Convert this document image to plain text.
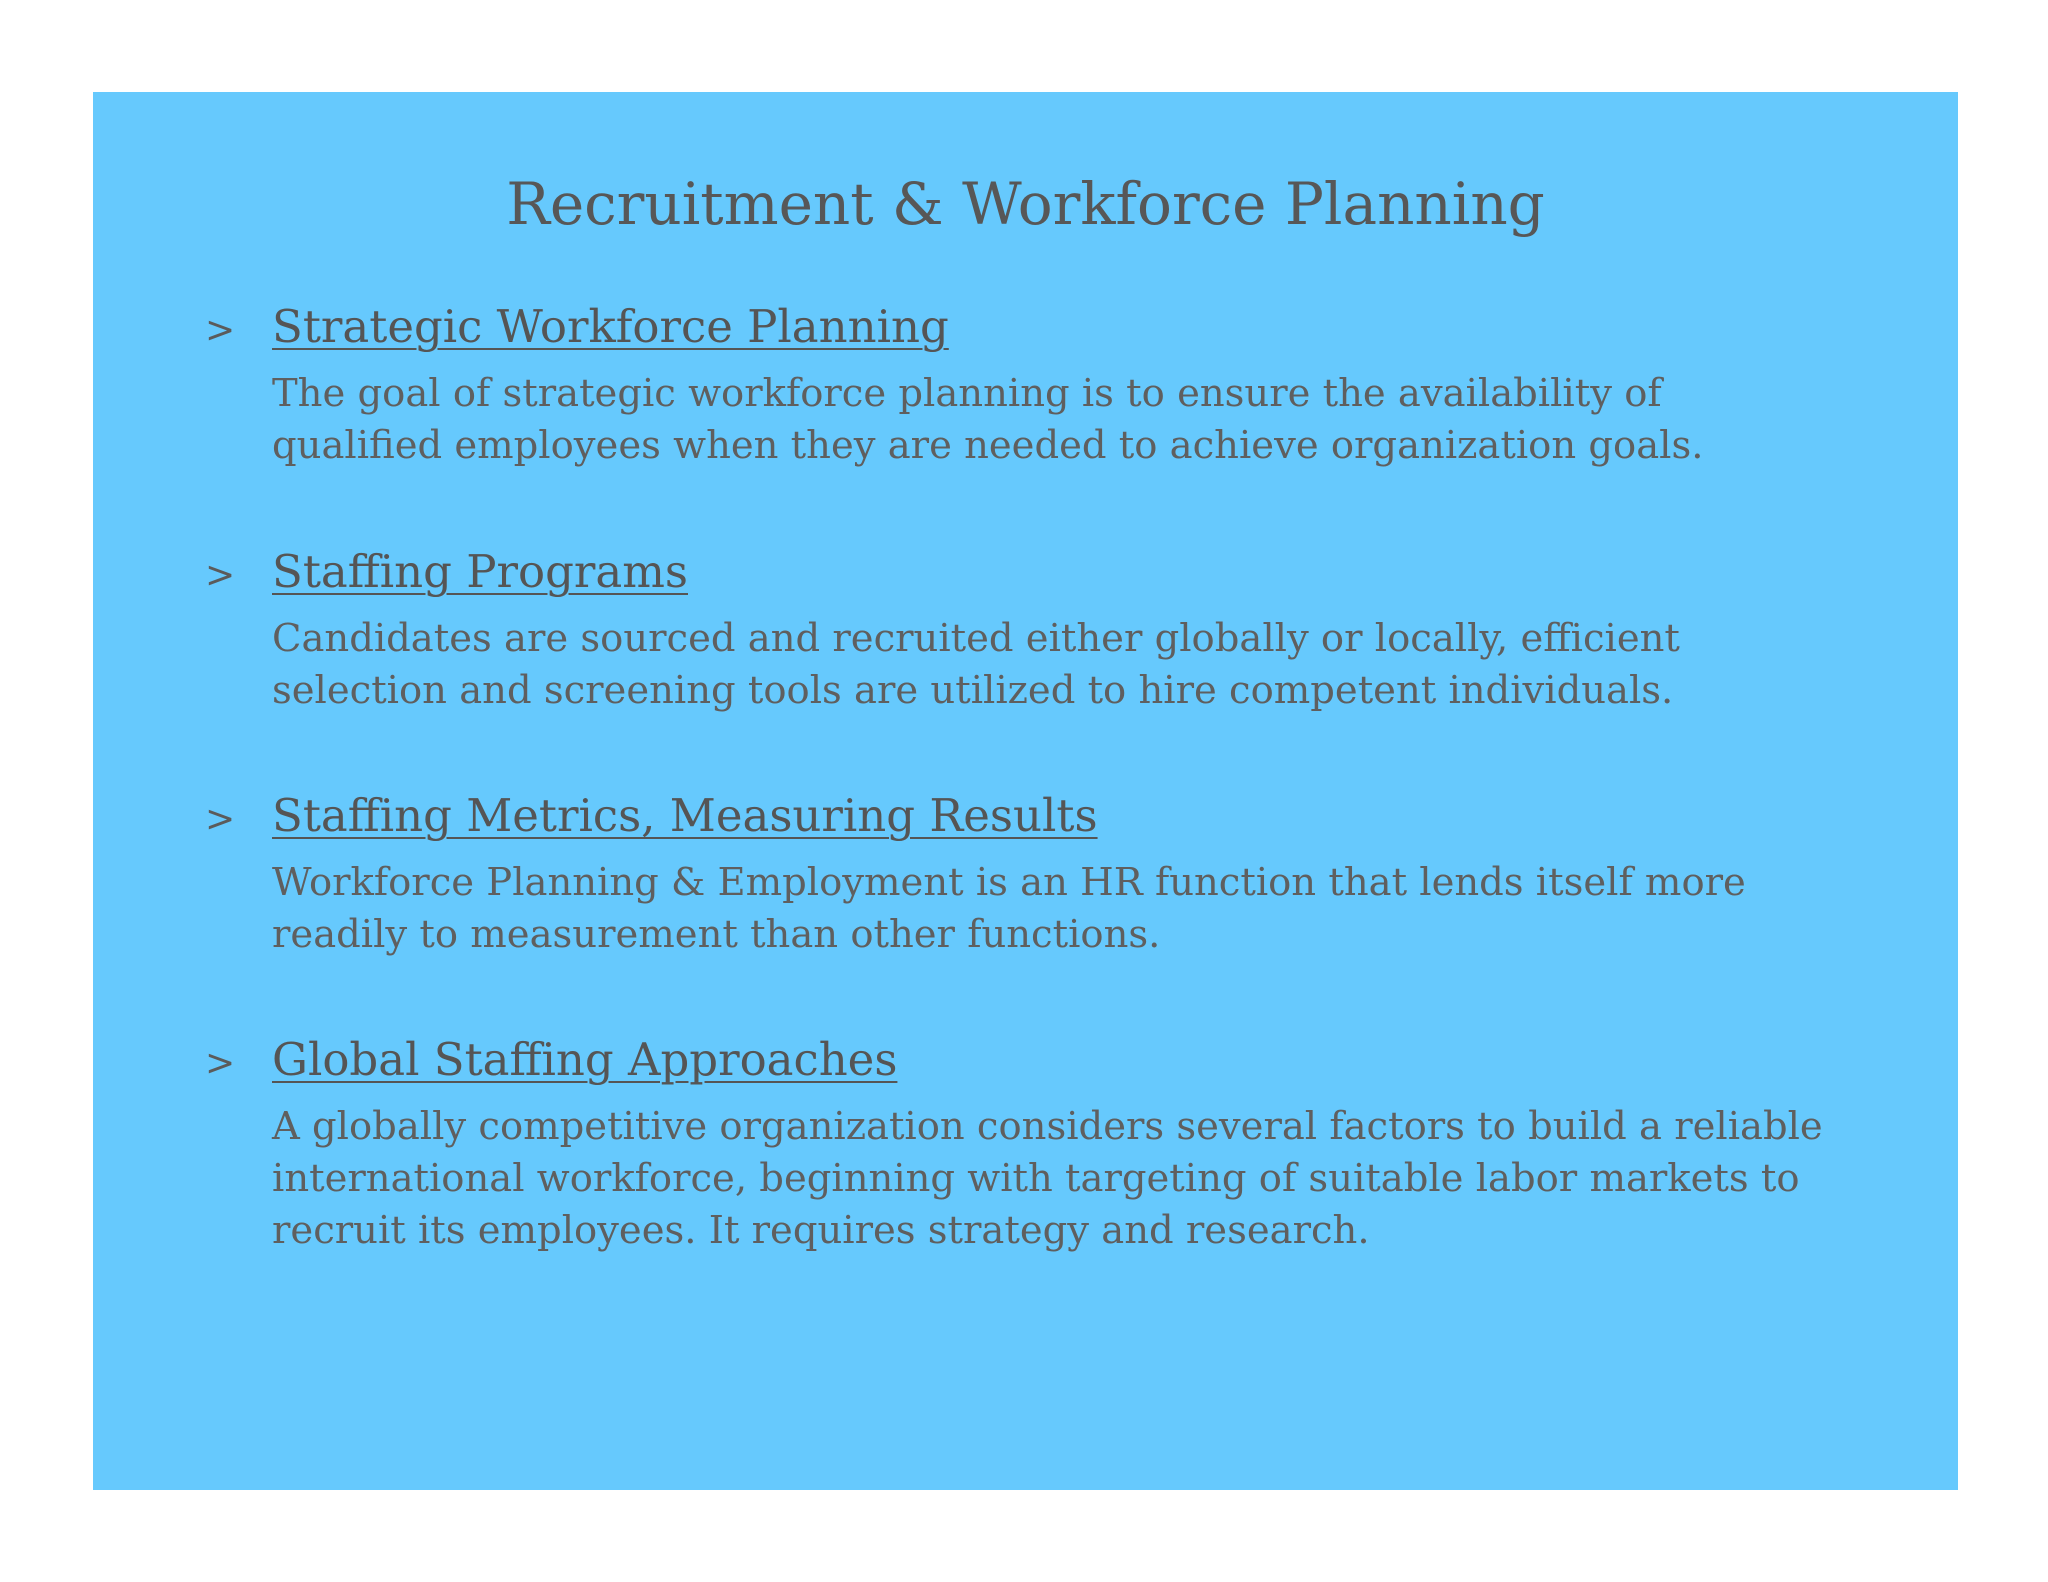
Recruitment & Workforce Planning
> Strategic Workforce Planning
The goal of strategic workforce planning is to ensure the availability of qualified employees when they are needed to achieve organization goals.
> Staffing Programs
Candidates are sourced and recruited either globally or locally, efficient selection and screening tools are utilized to hire competent individuals.
> Staffing Metrics, Measuring Results
Workforce Planning & Employment is an HR function that lends itself more readily to measurement than other functions.
> Global Staffing Approaches
A globally competitive organization considers several factors to build a reliable international workforce, beginning with targeting of suitable labor markets to recruit its employees. It requires strategy and research.
